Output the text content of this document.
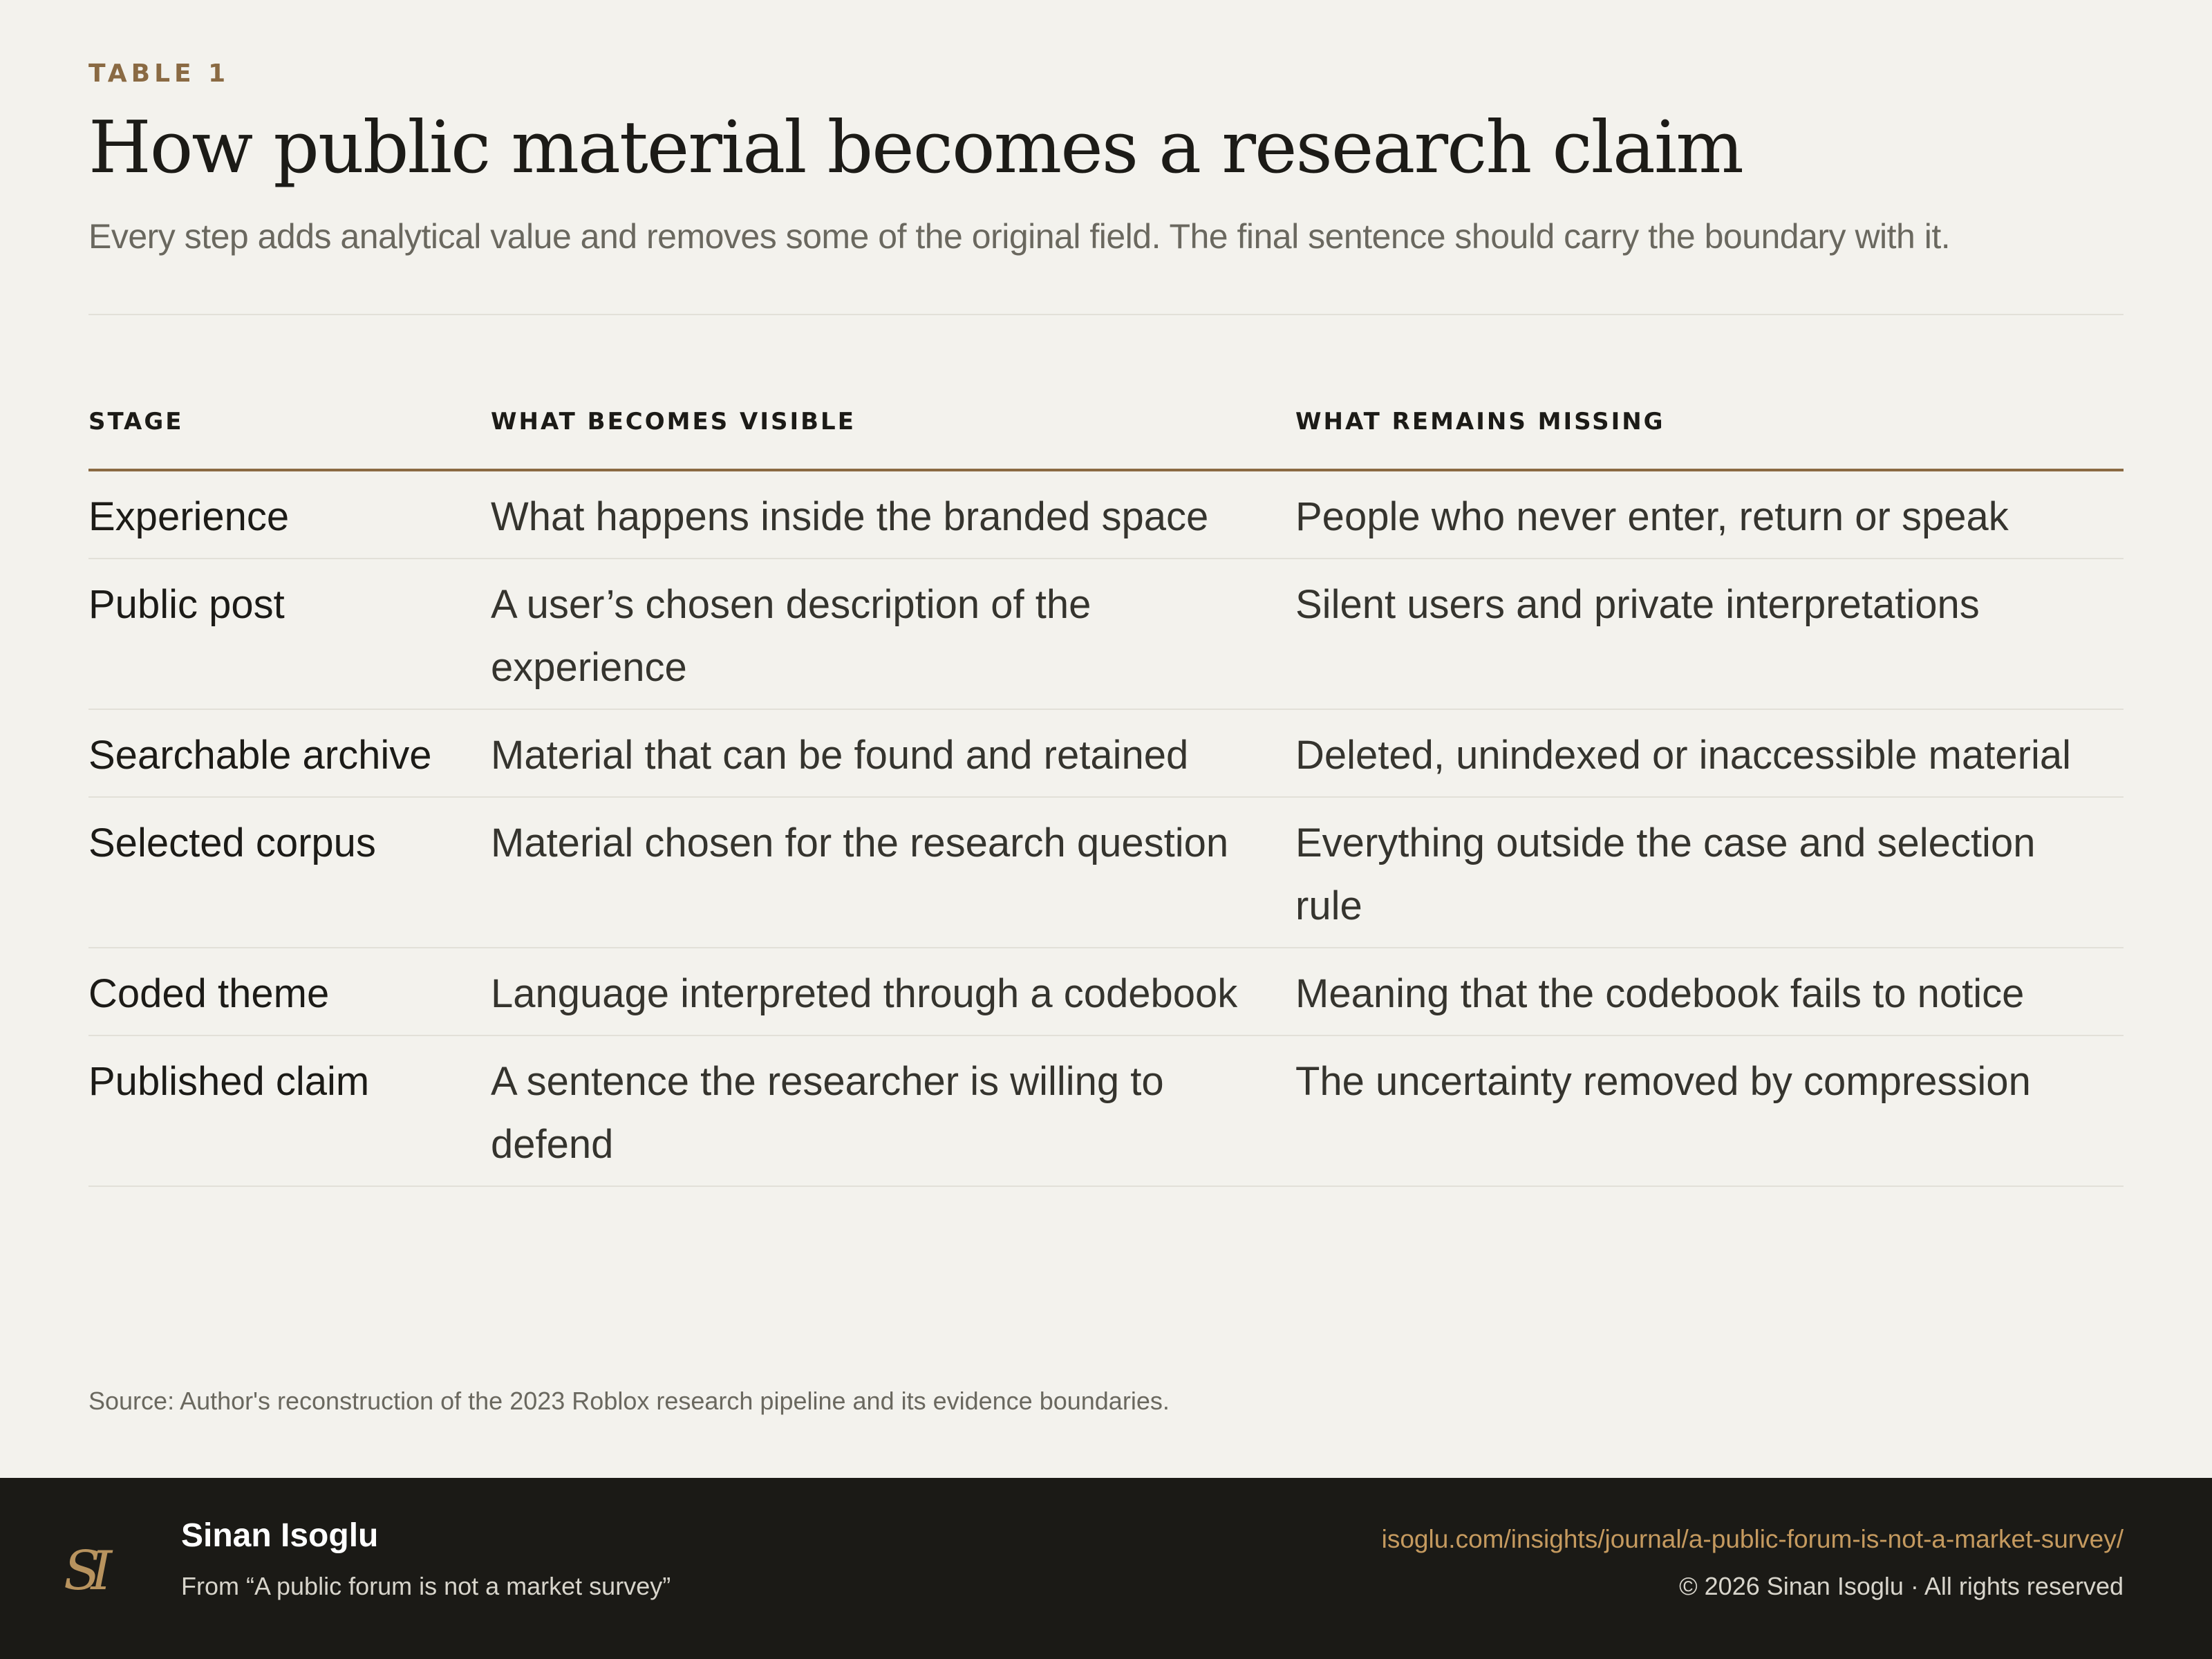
TABLE 1
How public material becomes a research claim

Every step adds analytical value and removes some of the original field. The final sentence should carry the boundary with it.

STAGE	WHAT BECOMES VISIBLE	WHAT REMAINS MISSING
Experience	What happens inside the branded space	People who never enter, return or speak
Public post	A user’s chosen description of the experience	Silent users and private interpretations
Searchable archive	Material that can be found and retained	Deleted, unindexed or inaccessible material
Selected corpus	Material chosen for the research question	Everything outside the case and selection rule
Coded theme	Language interpreted through a codebook	Meaning that the codebook fails to notice
Published claim	A sentence the researcher is willing to defend	The uncertainty removed by compression
Source: Author's reconstruction of the 2023 Roblox research pipeline and its evidence boundaries.
SI
Sinan Isoglu
From “A public forum is not a market survey”
isoglu.com/insights/journal/a-public-forum-is-not-a-market-survey/
© 2026 Sinan Isoglu · All rights reserved
